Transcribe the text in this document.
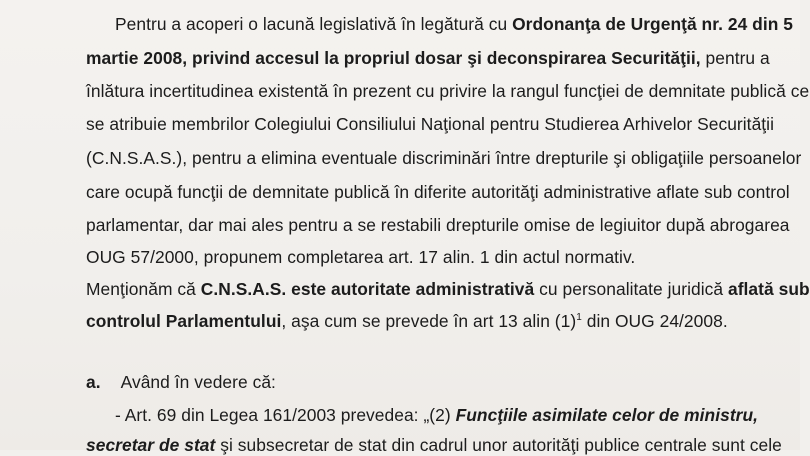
Pentru a acoperi o lacună legislativă în legătură cu Ordonanţa de Urgenţă nr. 24 din 5
martie 2008, privind accesul la propriul dosar şi deconspirarea Securităţii, pentru a
înlătura incertitudinea existentă în prezent cu privire la rangul funcţiei de demnitate publică ce
se atribuie membrilor Colegiului Consiliului Naţional pentru Studierea Arhivelor Securităţii
(C.N.S.A.S.), pentru a elimina eventuale discriminări între drepturile şi obligaţiile persoanelor
care ocupă funcţii de demnitate publică în diferite autorităţi administrative aflate sub control
parlamentar, dar mai ales pentru a se restabili drepturile omise de legiuitor după abrogarea
OUG 57/2000, propunem completarea art. 17 alin. 1 din actul normativ.
Menţionăm că C.N.S.A.S. este autoritate administrativă cu personalitate juridică aflată sub
controlul Parlamentului, aşa cum se prevede în art 13 alin $(1)^1$ din OUG 24/2008.
a. Având în vedere că:
- Art. 69 din Legea 161/2003 prevedea: „(2) Funcţiile asimilate celor de ministru,
secretar de stat şi subsecretar de stat din cadrul unor autorităţi publice centrale sunt cele
